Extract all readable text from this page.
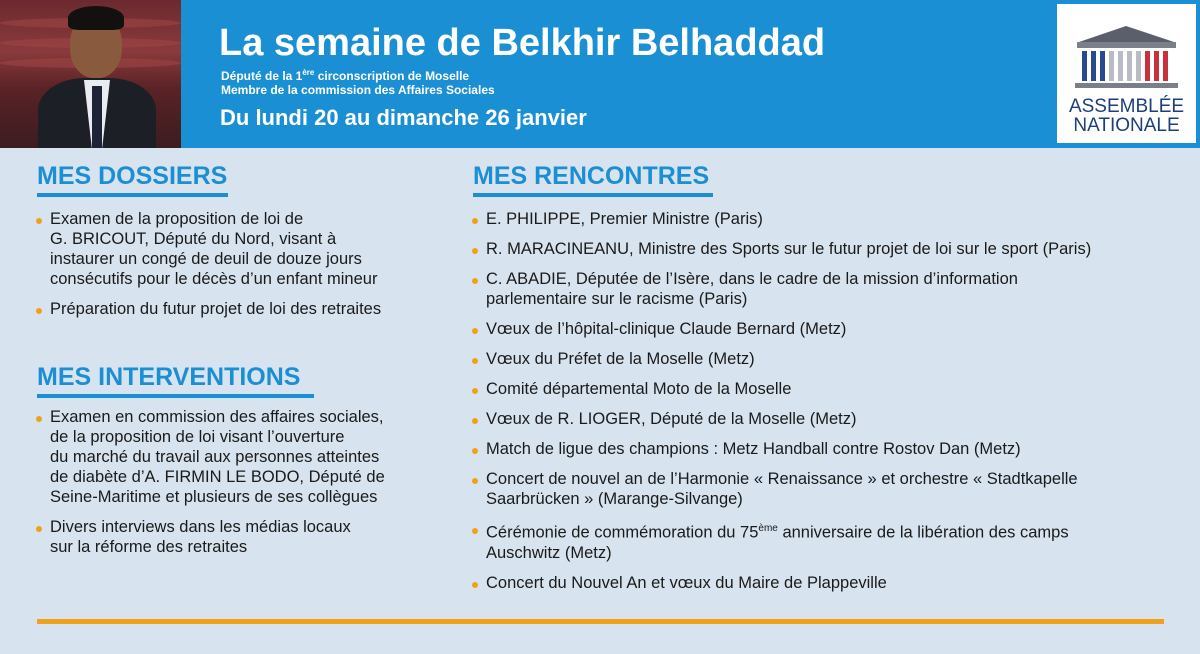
La semaine de Belkhir Belhaddad
Député de la 1ère circonscription de Moselle
Membre de la commission des Affaires Sociales
Du lundi 20 au dimanche 26 janvier	ASSEMBLÉE
NATIONALE
MES DOSSIERS
Examen de la proposition de loi de
G. BRICOUT, Député du Nord, visant à
instaurer un congé de deuil de douze jours
consécutifs pour le décès d’un enfant mineur
Préparation du futur projet de loi des retraites
MES INTERVENTIONS
Examen en commission des affaires sociales,
de la proposition de loi visant l’ouverture
du marché du travail aux personnes atteintes
de diabète d’A. FIRMIN LE BODO, Député de
Seine-Maritime et plusieurs de ses collègues
Divers interviews dans les médias locaux
sur la réforme des retraites
MES RENCONTRES
E. PHILIPPE, Premier Ministre (Paris)
R. MARACINEANU, Ministre des Sports sur le futur projet de loi sur le sport (Paris)
C. ABADIE, Députée de l’Isère, dans le cadre de la mission d’information
parlementaire sur le racisme (Paris)
Vœux de l’hôpital-clinique Claude Bernard (Metz)
Vœux du Préfet de la Moselle (Metz)
Comité départemental Moto de la Moselle
Vœux de R. LIOGER, Député de la Moselle (Metz)
Match de ligue des champions : Metz Handball contre Rostov Dan (Metz)
Concert de nouvel an de l’Harmonie « Renaissance » et orchestre « Stadtkapelle
Saarbrücken » (Marange-Silvange)
Cérémonie de commémoration du 75ème anniversaire de la libération des camps
Auschwitz (Metz)
Concert du Nouvel An et vœux du Maire de Plappeville
